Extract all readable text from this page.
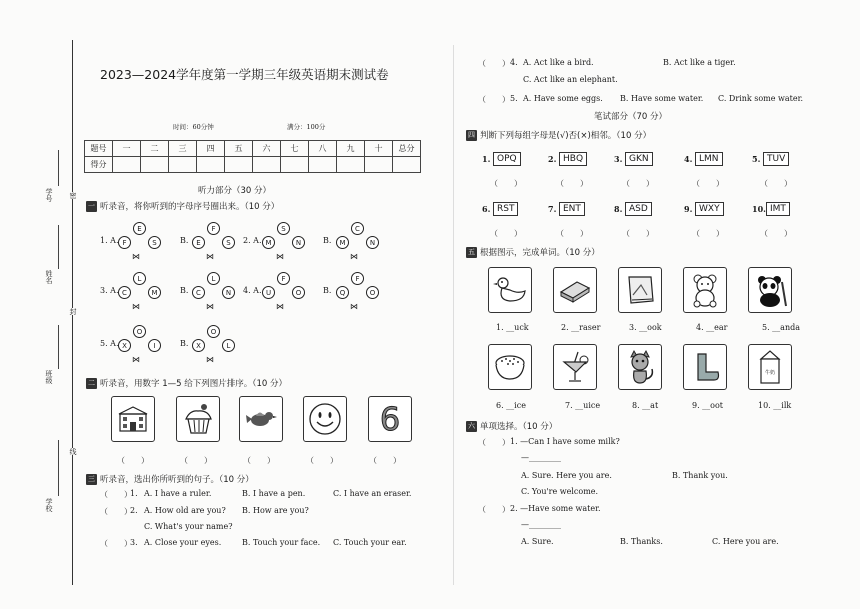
学号
姓名
班级
学校
密
封
线
2023—2024学年度第一学期三年级英语期末测试卷
时间：60分钟	满分：100分
题号	一	二	三	四	五	六	七	八	九	十	总分
得分											
听力部分（30 分）
一 听录音，将你听到的字母序号圈出来。（10 分）
1. A.	B.
F
E
S
⋈
E
F
S
⋈
2. A.	B.
M
S
N
⋈
M
C
N
⋈
3. A.	B.
C
L
M
⋈
C
L
N
⋈
4. A.	B.
U
F
O
⋈
Q
F
O
⋈
5. A.	B.
X
O
I
⋈
X
O
L
⋈
二 听录音，用数字 1—5 给下列图片排序。（10 分）
6
（　　）	（　　）	（　　）	（　　）	（　　）
三 听录音，选出你所听到的句子。（10 分）
（　　）
1. A. I have a ruler.	B. I have a pen.	C. I have an eraser.
（　　）
2. A. How old are you? B. How are you?
C. What's your name?
（　　）
3. A. Close your eyes.	B. Touch your face. C. Touch your ear.
（　　） 4. A. Act like a bird.	B. Act like a tiger.
C. Act like an elephant.
（　　） 5. A. Have some eggs. B. Have some water. C. Drink some water.
笔试部分（70 分）
四 判断下列每组字母是(√)否(×)相邻。（10 分）
1. OPQ
（　　）
2. HBQ
（　　）
3. GKN
（　　）
4. LMN
（　　）
5. TUV
（　　）
6. RST
（　　）
7. ENT
（　　）
8. ASD
（　　）
9. WXY
（　　）
10. IMT
（　　）
五 根据图示，完成单词。（10 分）
1. __uck	2. __raser	3. __ook	4. __ear	5. __anda
牛奶
6. __ice	7. __uice	8. __at	9. __oot	10. __ilk
六 单项选择。（10 分）
（　　） 1. —Can I have some milk?
—________
A. Sure. Here you are.	B. Thank you.
C. You're welcome.
（　　） 2. —Have some water.
—________
A. Sure.	B. Thanks.	C. Here you are.
